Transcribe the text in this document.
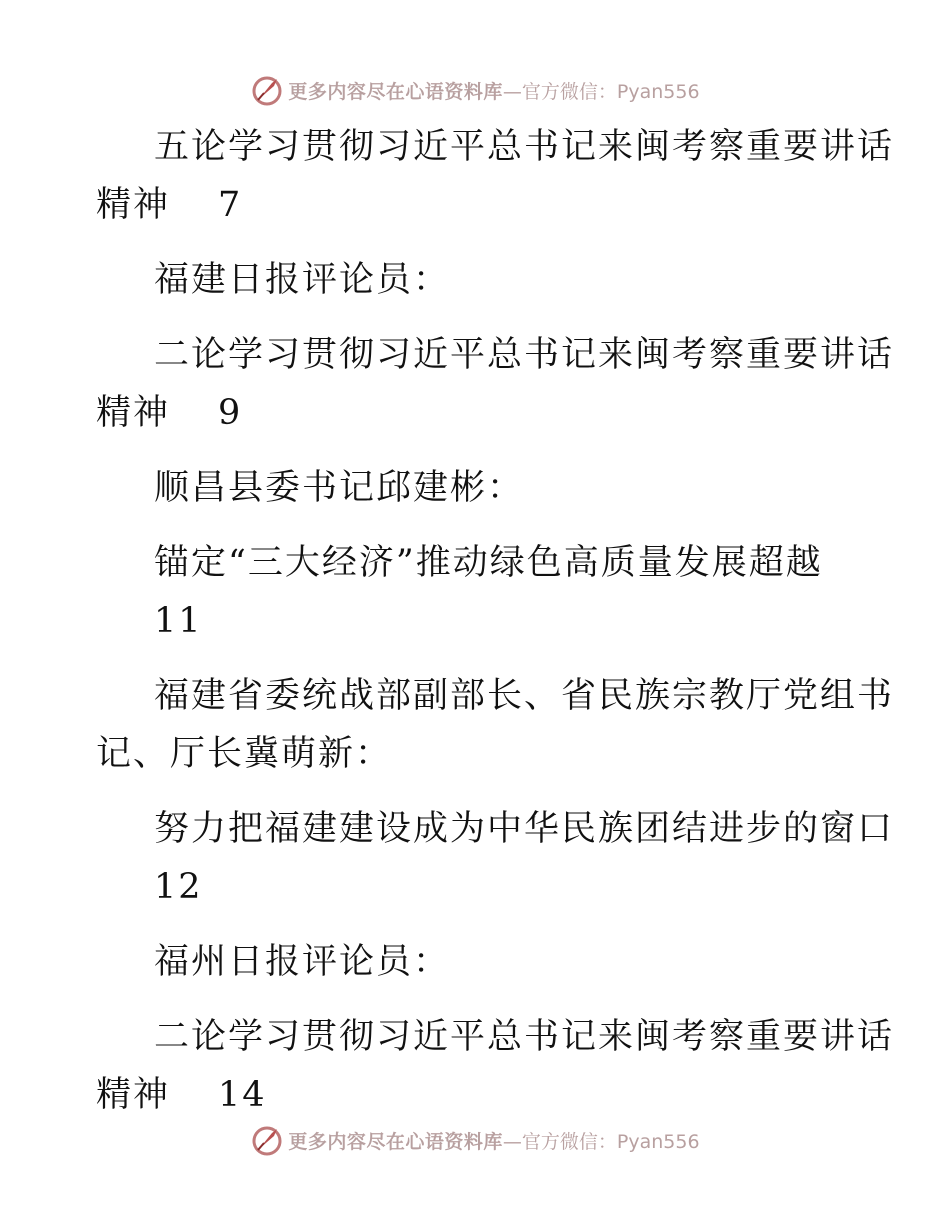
更多内容尽在心语资料库 —官方微信：Pyan556
五论学习贯彻习近平总书记来闽考察重要讲话
精神 7
福建日报评论员：
二论学习贯彻习近平总书记来闽考察重要讲话
精神 9
顺昌县委书记邱建彬：
锚定“三大经济”推动绿色高质量发展超越
11
福建省委统战部副部长、省民族宗教厅党组书
记、厅长冀萌新：
努力把福建建设成为中华民族团结进步的窗口
12
福州日报评论员：
二论学习贯彻习近平总书记来闽考察重要讲话
精神 14
更多内容尽在心语资料库 —官方微信：Pyan556
